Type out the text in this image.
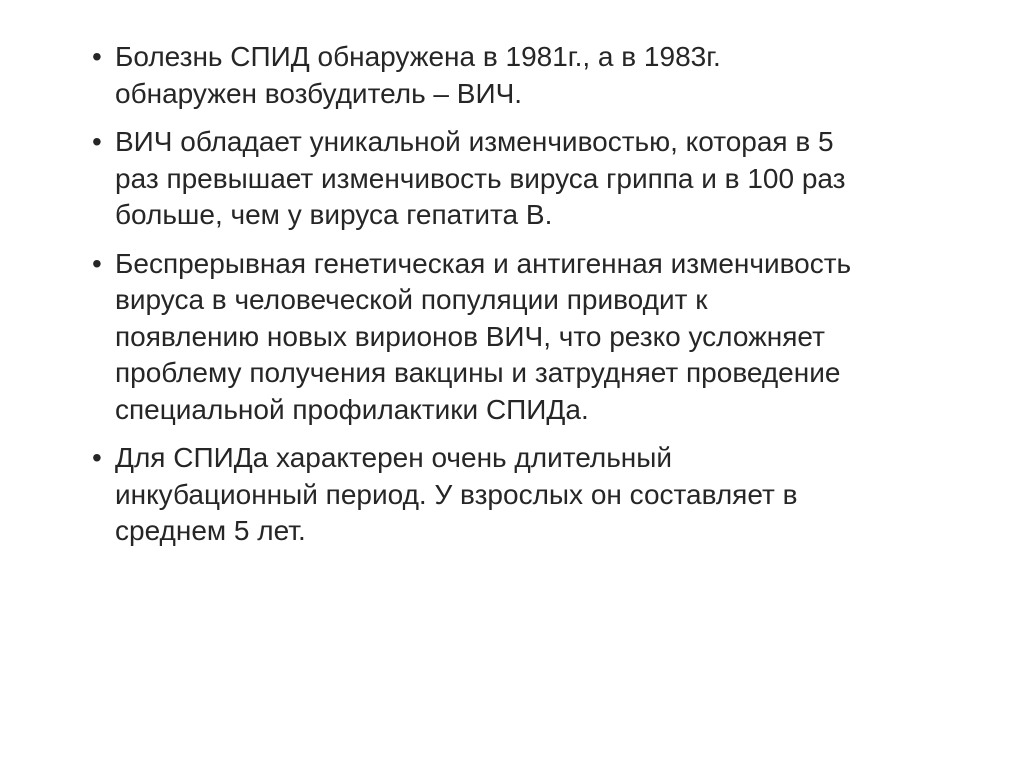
• Болезнь СПИД обнаружена в 1981г., а в 1983г.
обнаружен возбудитель – ВИЧ.
• ВИЧ обладает уникальной изменчивостью, которая в 5
раз превышает изменчивость вируса гриппа и в 100 раз
больше, чем у вируса гепатита В.
• Беспрерывная генетическая и антигенная изменчивость
вируса в человеческой популяции приводит к
появлению новых вирионов ВИЧ, что резко усложняет
проблему получения вакцины и затрудняет проведение
специальной профилактики СПИДа.
• Для СПИДа характерен очень длительный
инкубационный период. У взрослых он составляет в
среднем 5 лет.
